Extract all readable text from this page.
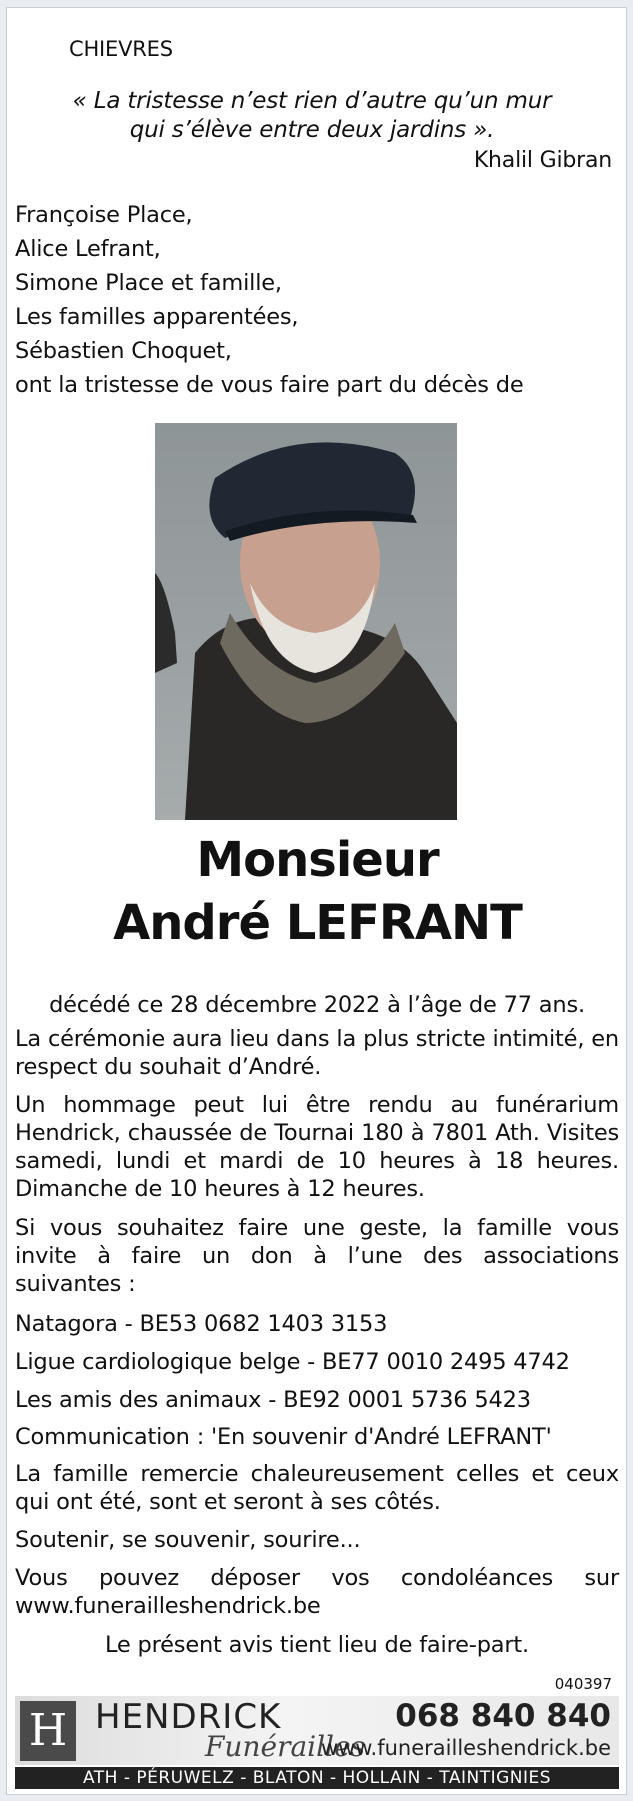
CHIEVRES
« La tristesse n’est rien d’autre qu’un mur
qui s’élève entre deux jardins ».
Khalil Gibran
Françoise Place,
Alice Lefrant,
Simone Place et famille,
Les familles apparentées,
Sébastien Choquet,
ont la tristesse de vous faire part du décès de
Monsieur
André LEFRANT
décédé ce 28 décembre 2022 à l’âge de 77 ans.
La cérémonie aura lieu dans la plus stricte intimité, en respect du souhait d’André.
Un hommage peut lui être rendu au funérarium Hendrick, chaussée de Tournai 180 à 7801 Ath. Visites samedi, lundi et mardi de 10 heures à 18 heures. Dimanche de 10 heures à 12 heures.
Si vous souhaitez faire une geste, la famille vous invite à faire un don à l’une des associations suivantes :
Natagora - BE53 0682 1403 3153
Ligue cardiologique belge - BE77 0010 2495 4742
Les amis des animaux - BE92 0001 5736 5423
Communication : 'En souvenir d'André LEFRANT'
La famille remercie chaleureusement celles et ceux qui ont été, sont et seront à ses côtés.
Soutenir, se souvenir, sourire...
Vous pouvez déposer vos condoléances sur www.funerailleshendrick.be
Le présent avis tient lieu de faire-part.
040397
H HENDRICK
Funérailles
068 840 840
www.funerailleshendrick.be
ATH - PÉRUWELZ - BLATON - HOLLAIN - TAINTIGNIES
